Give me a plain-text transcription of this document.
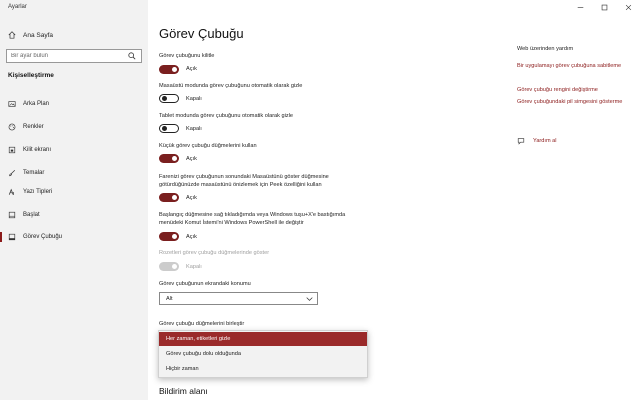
Ayarlar
Ana Sayfa
Bir ayar bulun
Kişiselleştirme
Arka Plan
Renkler
Kilit ekranı
Temalar
Yazı Tipleri
Başlat
Görev Çubuğu
Görev Çubuğu
Görev çubuğunu kilitle
Açık
Masaüstü modunda görev çubuğunu otomatik olarak gizle
Kapalı
Tablet modunda görev çubuğunu otomatik olarak gizle
Kapalı
Küçük görev çubuğu düğmelerini kullan
Açık
Farenizi görev çubuğunun sonundaki Masaüstünü göster düğmesine götürdüğünüzde masaüstünü önizlemek için Peek özelliğini kullan
Açık
Başlangıç düğmesine sağ tıkladığımda veya Windows tuşu+X'e bastığımda menüdeki Komut İstemi'ni Windows PowerShell ile değiştir
Açık
Rozetleri görev çubuğu düğmelerinde göster
Kapalı
Görev çubuğunun ekrandaki konumu
Alt
Görev çubuğu düğmelerini birleştir
Bildirim alanı
Her zaman, etiketleri gizle
Görev çubuğu dolu olduğunda
Hiçbir zaman
Web üzerinden yardım
Bir uygulamayı görev çubuğuna sabitleme
Görev çubuğu rengini değiştirme
Görev çubuğundaki pil simgesini gösterme
Yardım al
